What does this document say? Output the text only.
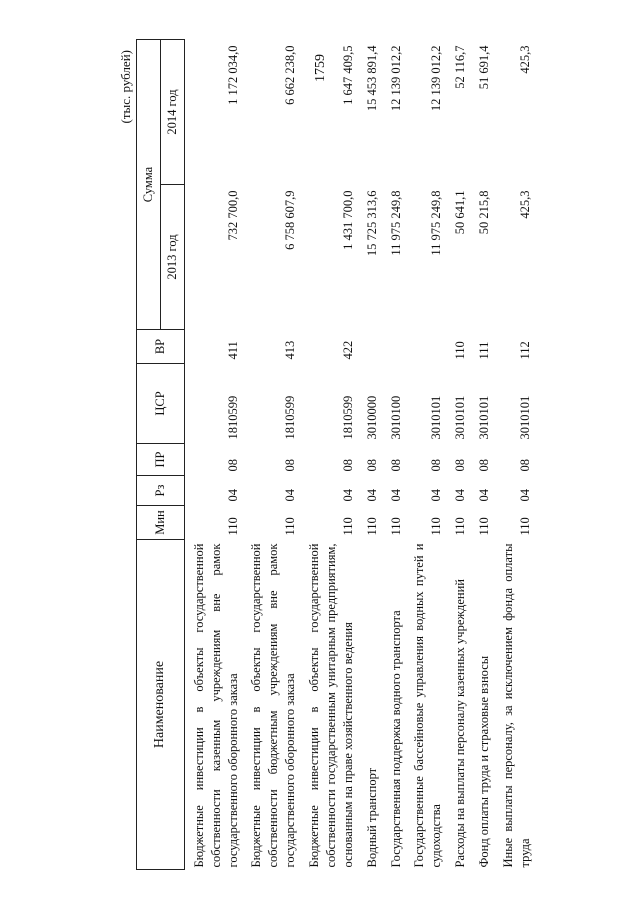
1759
(тыс. рублей)
Наименование	Мин	Рз	ПР	ЦСР	ВР	Сумма	
						2013 год	2014 год
Бюджетные инвестиции в объекты государственной собственности казенным учреждениям вне рамок государственного оборонного заказа	110	04	08	1810599	411	732 700,0	1 172 034,0
Бюджетные инвестиции в объекты государственной собственности бюджетным учреждениям вне рамок государственного оборонного заказа	110	04	08	1810599	413	6 758 607,9	6 662 238,0
Бюджетные инвестиции в объекты государственной собственности государственным унитарным предприятиям, основанным на праве хозяйственного ведения	110	04	08	1810599	422	1 431 700,0	1 647 409,5
Водный транспорт	110	04	08	3010000		15 725 313,6	15 453 891,4
Государственная поддержка водного транспорта	110	04	08	3010100		11 975 249,8	12 139 012,2
Государственные бассейновые управления водных путей и судоходства	110	04	08	3010101		11 975 249,8	12 139 012,2
Расходы на выплаты персоналу казенных учреждений	110	04	08	3010101	110	50 641,1	52 116,7
Фонд оплаты труда и страховые взносы	110	04	08	3010101	111	50 215,8	51 691,4
Иные выплаты персоналу, за исключением фонда оплаты труда	110	04	08	3010101	112	425,3	425,3
